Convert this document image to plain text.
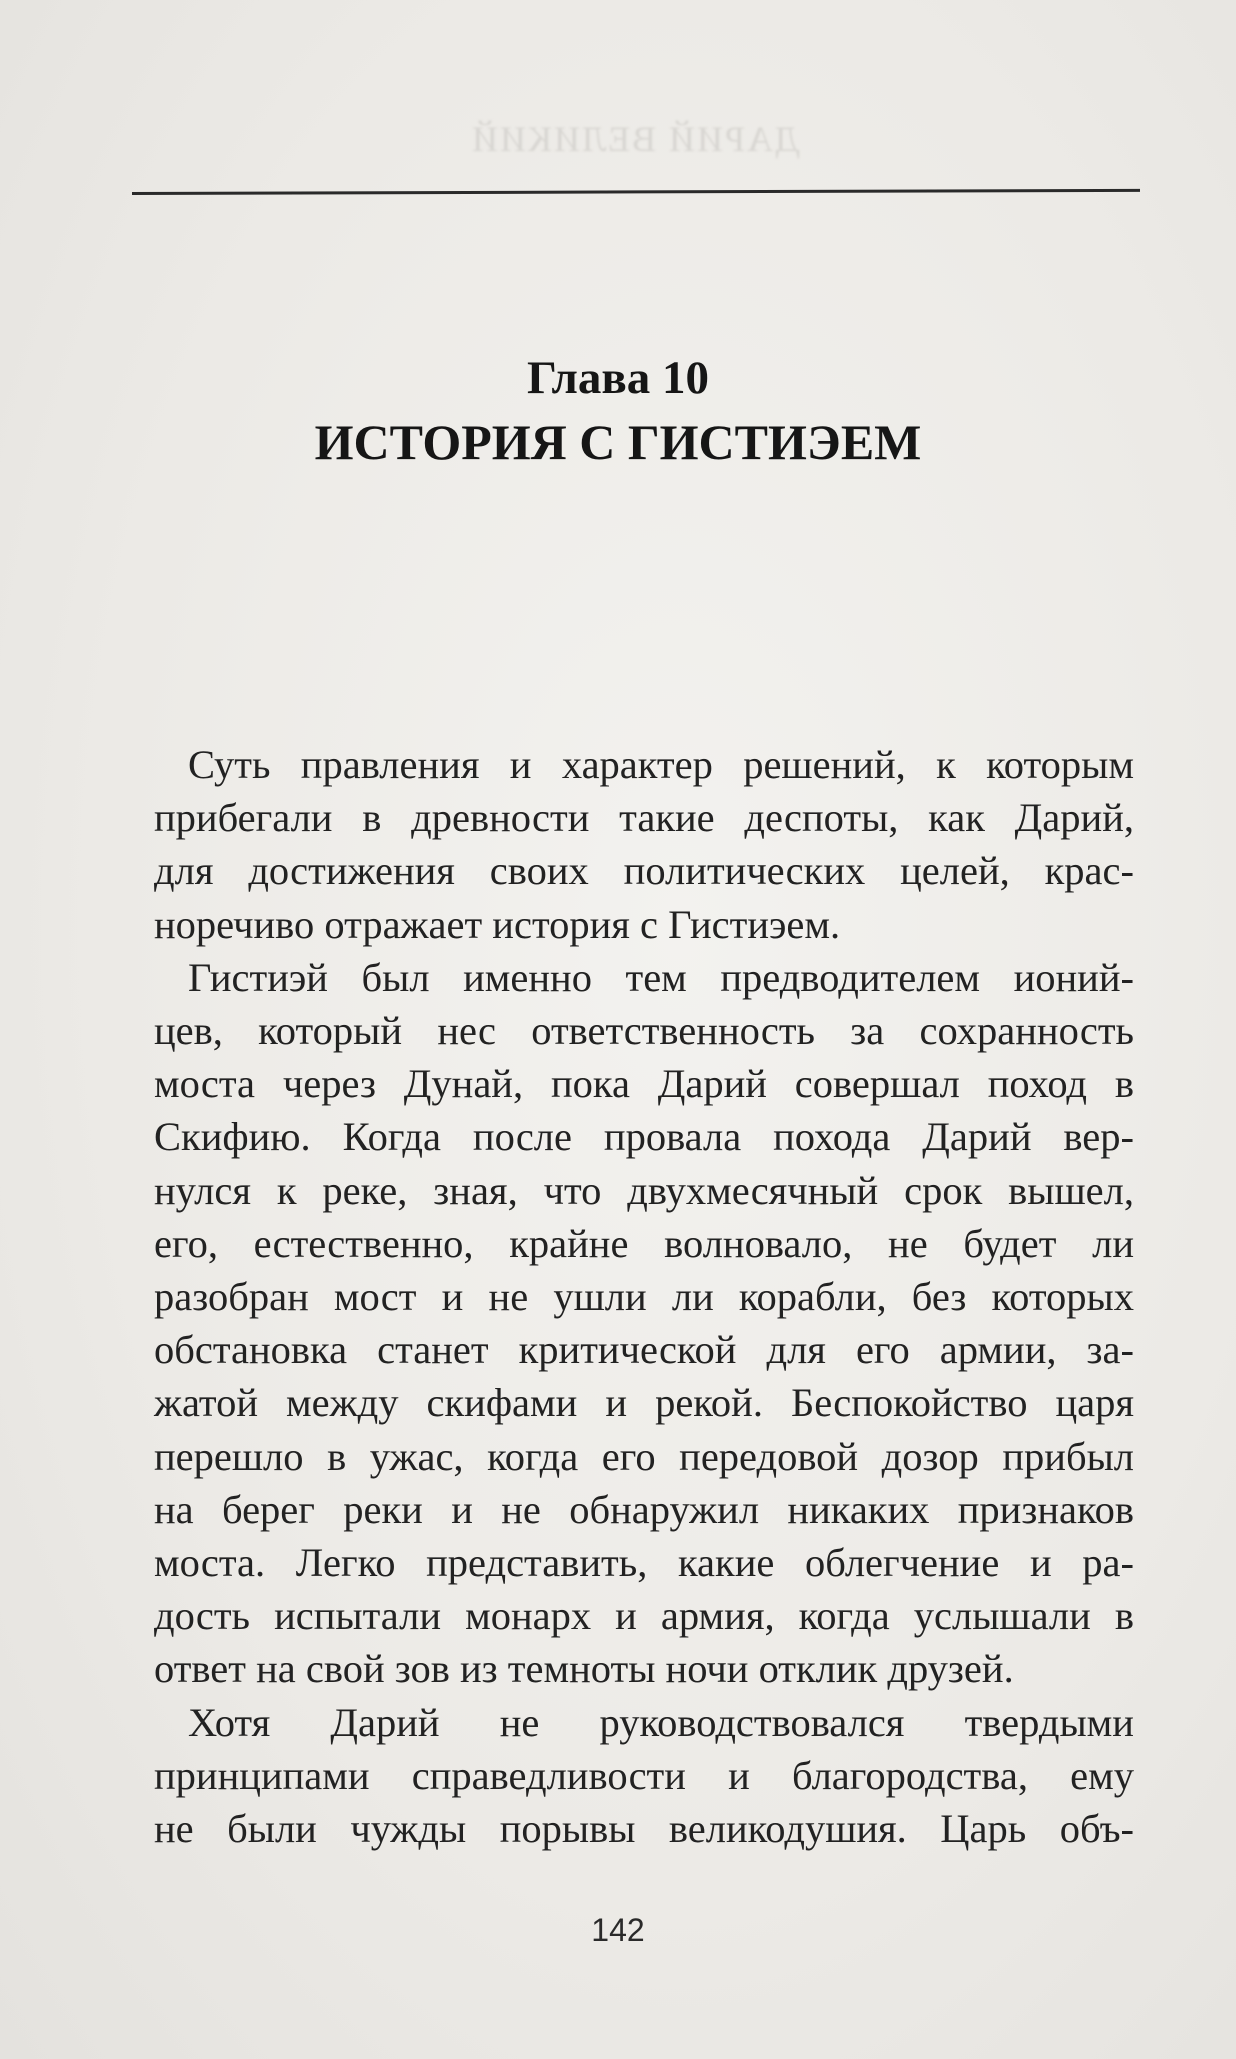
ДАРИЙ ВЕЛИКИЙ
Глава 10
ИСТОРИЯ С ГИСТИЭЕМ
Суть правления и характер решений, к которым
прибегали в древности такие деспоты, как Дарий,
для достижения своих политических целей, крас-
норечиво отражает история с Гистиэем.
Гистиэй был именно тем предводителем ионий-
цев, который нес ответственность за сохранность
моста через Дунай, пока Дарий совершал поход в
Скифию. Когда после провала похода Дарий вер-
нулся к реке, зная, что двухмесячный срок вышел,
его, естественно, крайне волновало, не будет ли
разобран мост и не ушли ли корабли, без которых
обстановка станет критической для его армии, за-
жатой между скифами и рекой. Беспокойство царя
перешло в ужас, когда его передовой дозор прибыл
на берег реки и не обнаружил никаких признаков
моста. Легко представить, какие облегчение и ра-
дость испытали монарх и армия, когда услышали в
ответ на свой зов из темноты ночи отклик друзей.
Хотя Дарий не руководствовался твердыми
принципами справедливости и благородства, ему
не были чужды порывы великодушия. Царь объ-
142
